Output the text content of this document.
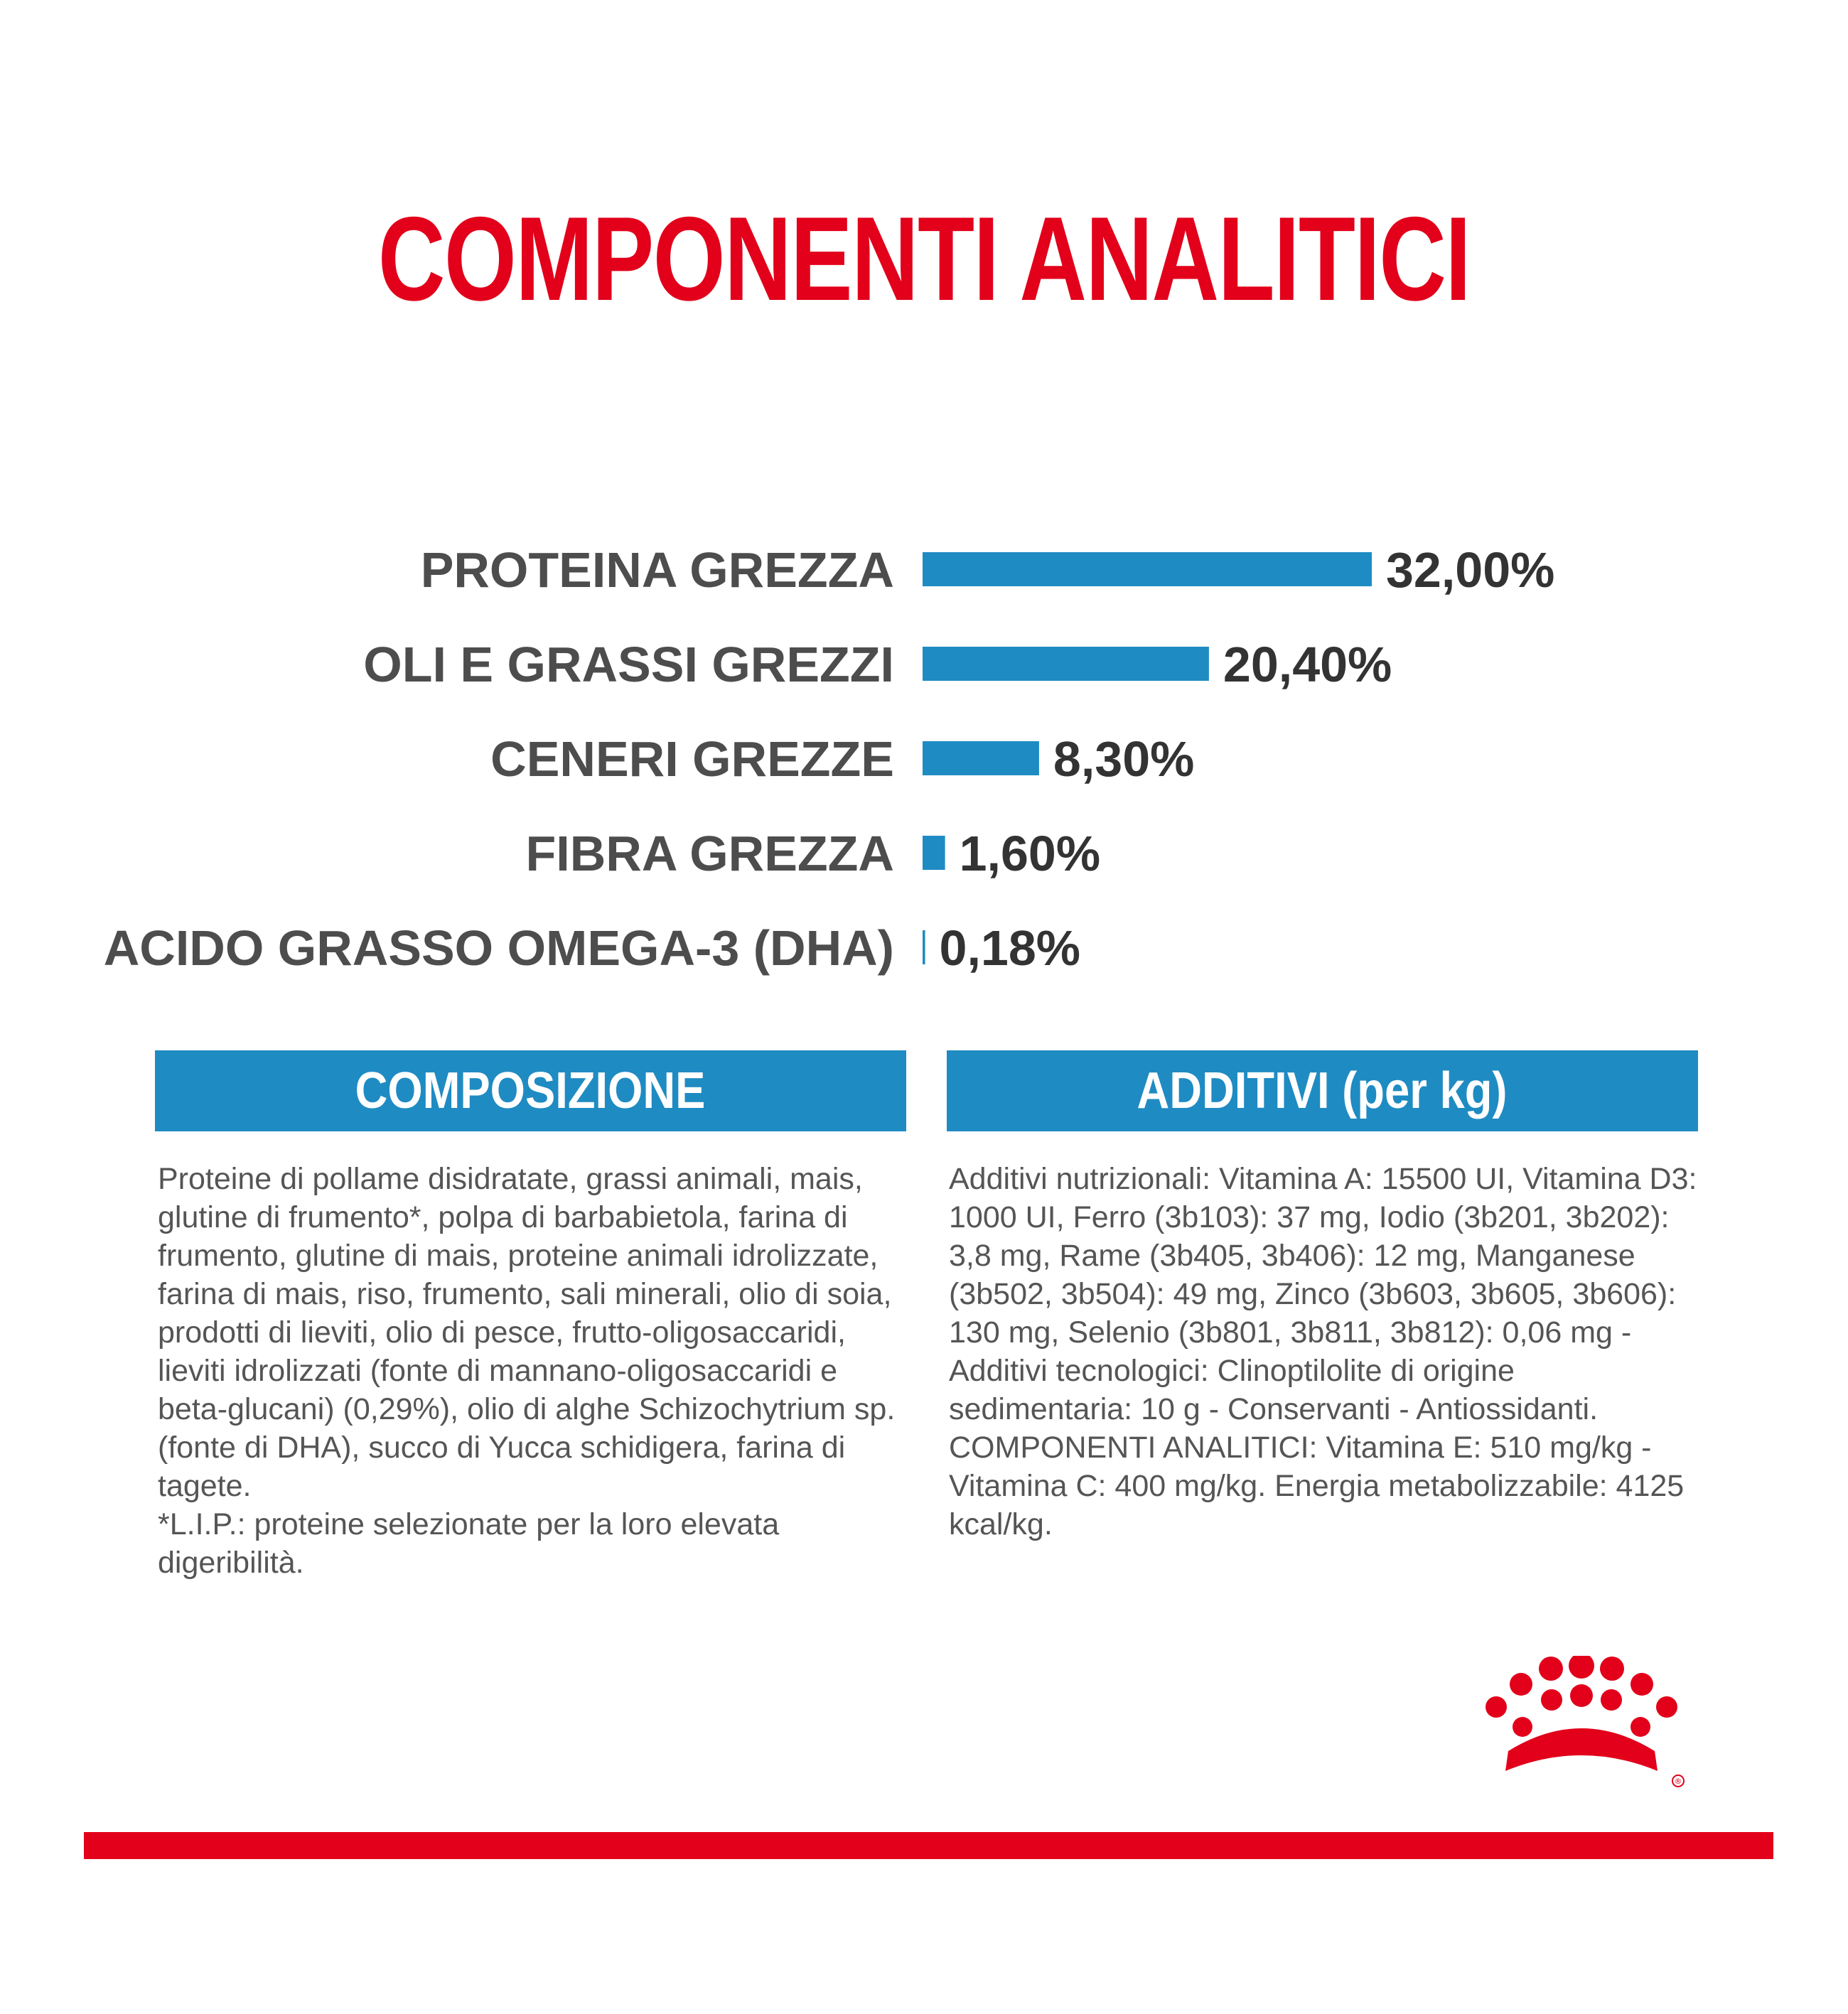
COMPONENTI ANALITICI
PROTEINA GREZZA	32,00%
OLI E GRASSI GREZZI	20,40%
CENERI GREZZE	8,30%
FIBRA GREZZA 1,60%
ACIDO GRASSO OMEGA-3 (DHA) 0,18%
COMPOSIZIONE	ADDITIVI (per kg)

Proteine di pollame disidratate, grassi animali, mais, glutine di frumento*, polpa di barbabietola, farina di frumento, glutine di mais, proteine animali idrolizzate, farina di mais, riso, frumento, sali minerali, olio di soia, prodotti di lieviti, olio di pesce, frutto-oligosaccaridi, lieviti idrolizzati (fonte di mannano-oligosaccaridi e beta-glucani) (0,29%), olio di alghe Schizochytrium sp. (fonte di DHA), succo di Yucca schidigera, farina di tagete.

*L.I.P.: proteine selezionate per la loro elevata digeribilità.

Additivi nutrizionali: Vitamina A: 15500 UI, Vitamina D3: 1000 UI, Ferro (3b103): 37 mg, Iodio (3b201, 3b202): 3,8 mg, Rame (3b405, 3b406): 12 mg, Manganese (3b502, 3b504): 49 mg, Zinco (3b603, 3b605, 3b606): 130 mg, Selenio (3b801, 3b811, 3b812): 0,06 mg - Additivi tecnologici: Clinoptilolite di origine sedimentaria: 10 g - Conservanti - Antiossidanti. COMPONENTI ANALITICI: Vitamina E: 510 mg/kg - Vitamina C: 400 mg/kg. Energia metabolizzabile: 4125 kcal/kg.

®
